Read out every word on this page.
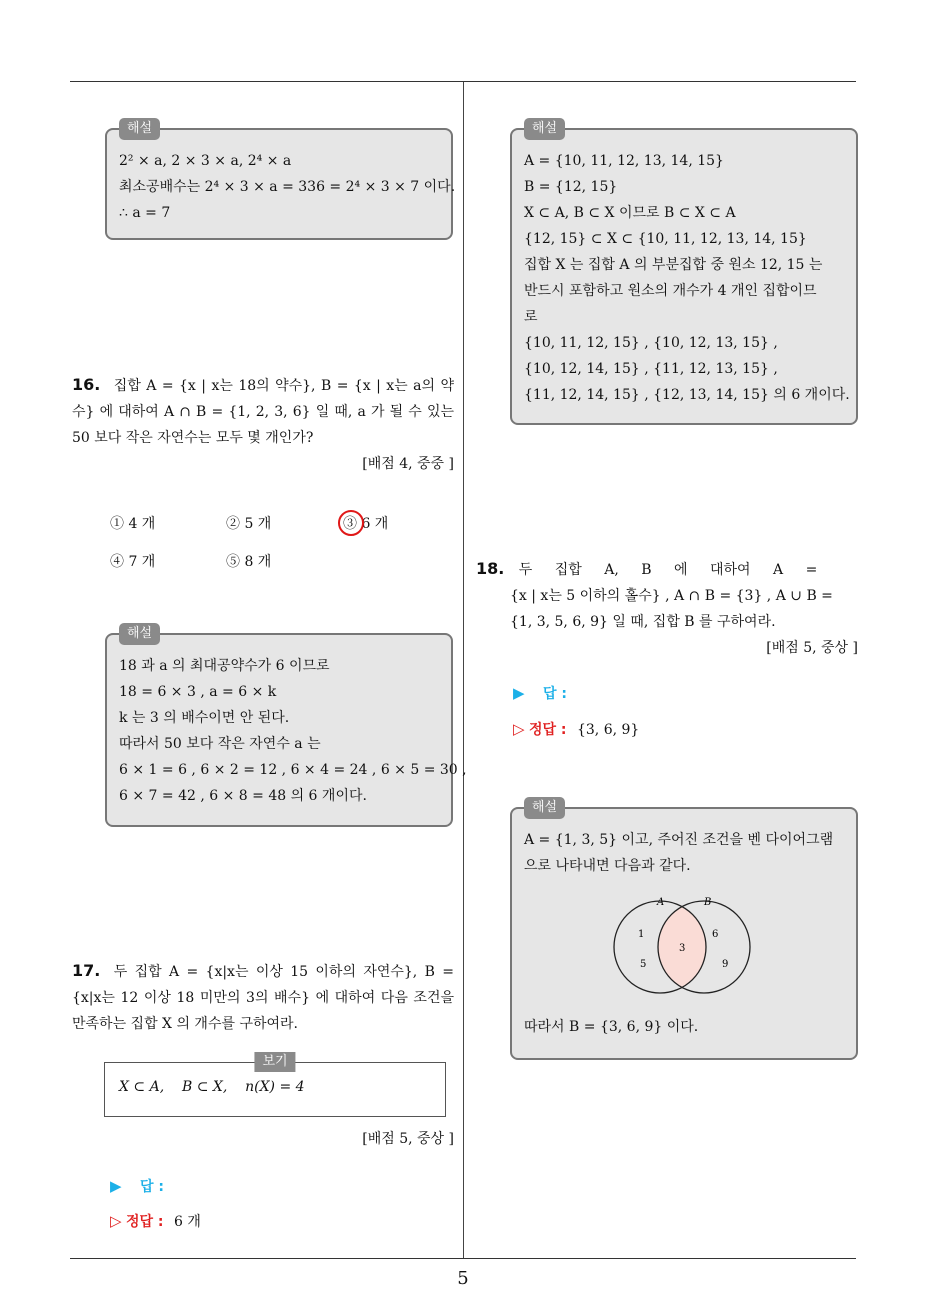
5
해설
2² × a, 2 × 3 × a, 2⁴ × a
최소공배수는 2⁴ × 3 × a = 336 = 2⁴ × 3 × 7 이다.
∴ a = 7
16. 집합 A = {x | x는 18의 약수}, B = {x | x는 a의 약수} 에 대하여 A ∩ B = {1, 2, 3, 6} 일 때, a 가 될 수 있는 50 보다 작은 자연수는 모두 몇 개인가?
[배점 4, 중중 ]
① 4 개	② 5 개	③ 6 개
④ 7 개	⑤ 8 개
해설
18 과 a 의 최대공약수가 6 이므로
18 = 6 × 3 , a = 6 × k
k 는 3 의 배수이면 안 된다.
따라서 50 보다 작은 자연수 a 는
6 × 1 = 6 , 6 × 2 = 12 , 6 × 4 = 24 , 6 × 5 = 30 ,
6 × 7 = 42 , 6 × 8 = 48 의 6 개이다.
17. 두 집합 A = {x|x는 이상 15 이하의 자연수}, B = {x|x는 12 이상 18 미만의 3의 배수} 에 대하여 다음 조건을 만족하는 집합 X 의 개수를 구하여라.
보기
X ⊂ A,    B ⊂ X,    n(X) = 4
[배점 5, 중상 ]
▶ 답 :
▷ 정답 : 6 개
해설
A = {10, 11, 12, 13, 14, 15}
B = {12, 15}
X ⊂ A, B ⊂ X 이므로 B ⊂ X ⊂ A
{12, 15} ⊂ X ⊂ {10, 11, 12, 13, 14, 15}
집합 X 는 집합 A 의 부분집합 중 원소 12, 15 는
반드시 포함하고 원소의 개수가 4 개인 집합이므
로
{10, 11, 12, 15} , {10, 12, 13, 15} ,
{10, 12, 14, 15} , {11, 12, 13, 15} ,
{11, 12, 14, 15} , {12, 13, 14, 15} 의 6 개이다.
18. 두 집합 A, B 에 대하여 A =
{x | x는 5 이하의 홀수} , A ∩ B = {3} , A ∪ B =
{1, 3, 5, 6, 9} 일 때, 집합 B 를 구하여라.
[배점 5, 중상 ]
▶ 답 :
▷ 정답 : {3, 6, 9}
해설
A = {1, 3, 5} 이고, 주어진 조건을 벤 다이어그램
으로 나타내면 다음과 같다.
A	B
1
5
3
6
9
따라서 B = {3, 6, 9} 이다.
